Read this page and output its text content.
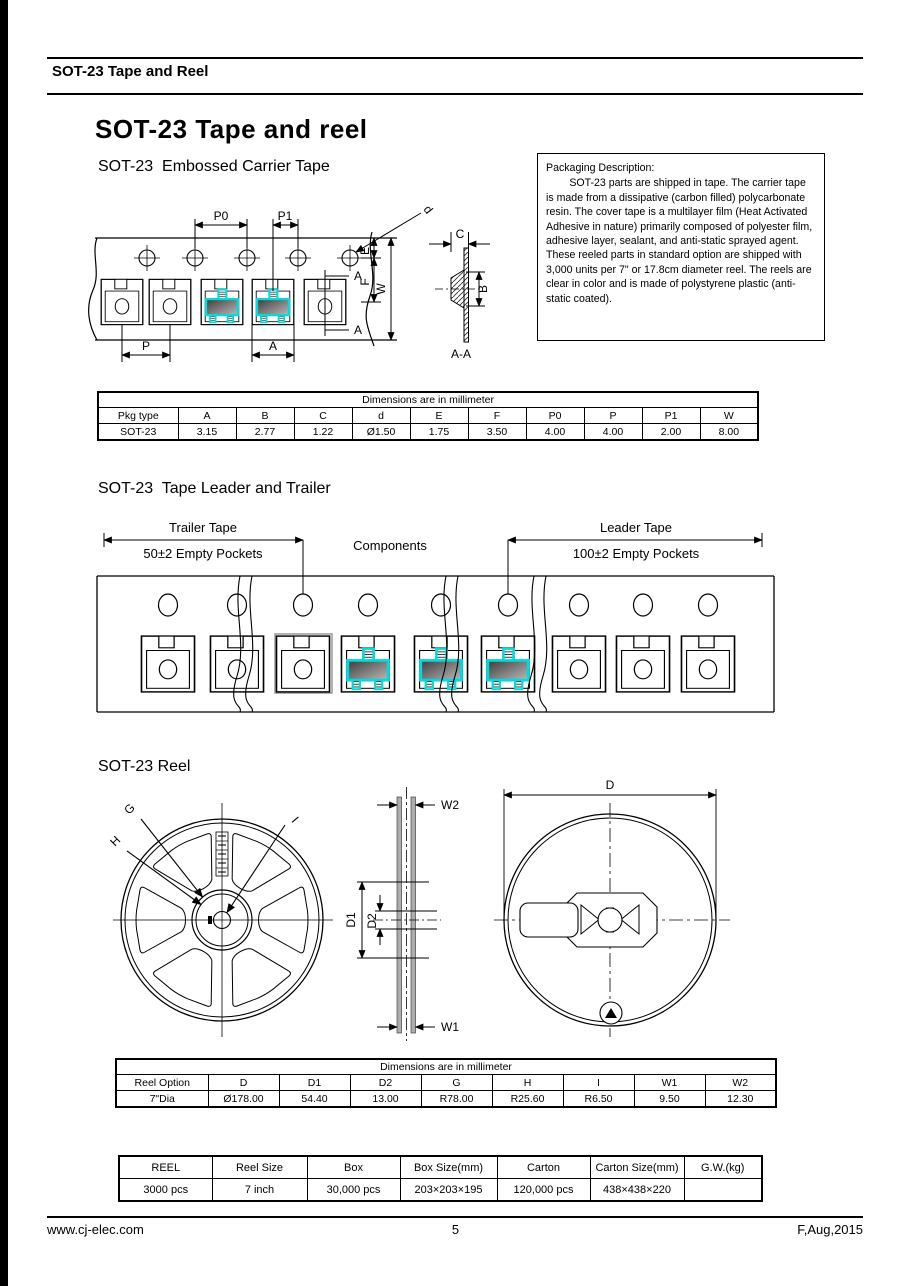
SOT-23 Tape and Reel
SOT-23 Tape and reel
SOT-23  Embossed Carrier Tape	Packaging Description:
SOT-23 parts are shipped in tape. The carrier tape is made from a dissipative (carbon filled) polycarbonate resin. The cover tape is a multilayer film (Heat Activated Adhesive in nature) primarily composed of polyester film, adhesive layer, sealant, and anti-static sprayed agent. These reeled parts in standard option are shipped with 3,000 units per 7" or 17.8cm diameter reel. The reels are clear in color and is made of polystyrene plastic (anti-static coated).
P0	P1	d
A
A
E
F
W
P	A
C
B
A-A
Dimensions are in millimeter										
Pkg type	A	B	C	d	E	F	P0	P	P1	W
SOT-23	3.15	2.77	1.22	Ø1.50	1.75	3.50	4.00	4.00	2.00	8.00
SOT-23  Tape Leader and Trailer
Trailer Tape
50±2 Empty Pockets
Components
Leader Tape
100±2 Empty Pockets
SOT-23 Reel
G
H
I
W2
W1
D1 D2
D
Dimensions are in millimeter								
Reel Option	D	D1	D2	G	H	I	W1	W2
7"Dia	Ø178.00	54.40	13.00	R78.00	R25.60	R6.50	9.50	12.30
REEL	Reel Size	Box	Box Size(mm)	Carton	Carton Size(mm)	G.W.(kg)
3000 pcs	7 inch	30,000 pcs	203×203×195	120,000 pcs	438×438×220	
www.cj-elec.com	5	F,Aug,2015
